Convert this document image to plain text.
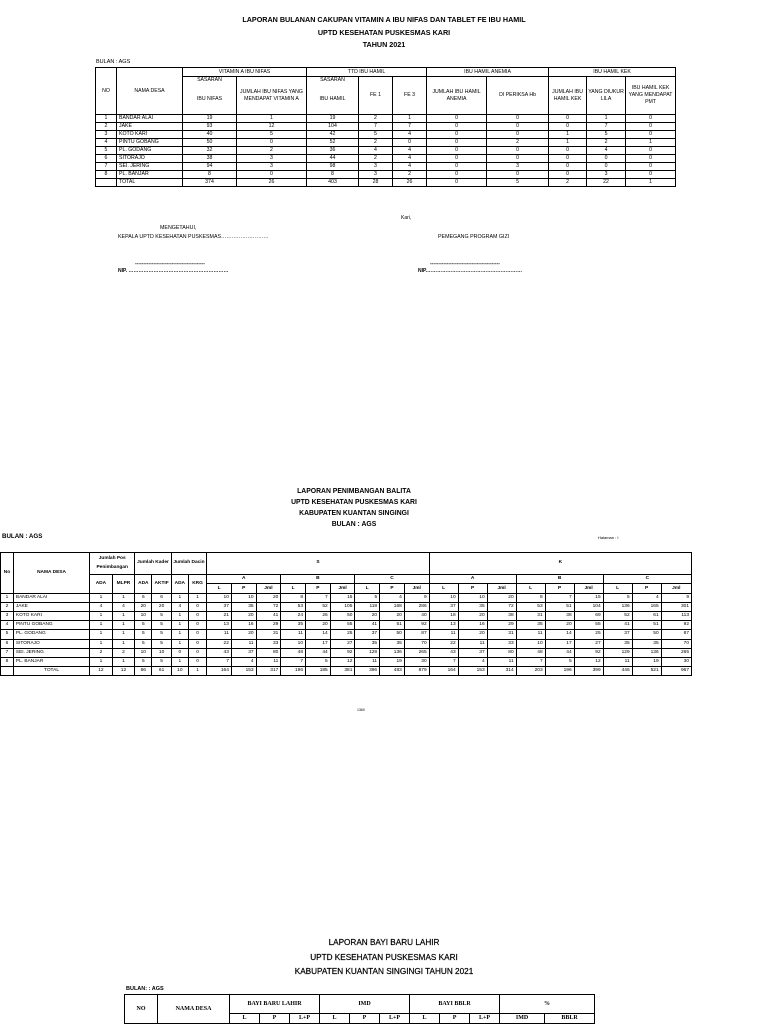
LAPORAN BULANAN CAKUPAN VITAMIN A IBU NIFAS DAN TABLET FE IBU HAMIL
UPTD KESEHATAN PUSKESMAS KARI
TAHUN 2021
BULAN : AGS
NO	NAMA DESA	VITAMIN A IBU NIFAS		TTD IBU HAMIL			IBU HAMIL ANEMIA		IBU HAMIL KEK		
		SASARAN	JUMLAH IBU NIFAS YANG MENDAPAT VITAMIN A	SASARAN	FE 1	FE 3	JUMLAH IBU HAMIL ANEMIA	DI PERIKSA Hb	JUMLAH IBU HAMIL KEK	YANG DIUKUR LILA	IBU HAMIL KEK YANG MENDAPAT PMT
		IBU NIFAS		IBU HAMIL							
1	BANDAR ALAI	19	1	19	2	1	0	0	0	1	0
2	JAKE	93	12	104	7	7	0	0	0	7	0
3	KOTO KARI	40	5	42	5	4	0	0	1	5	0
4	PINTU GOBANG	50	0	52	2	0	0	2	1	2	1
5	PL. GODANG	32	2	36	4	4	0	0	0	4	0
6	SITORAJO	38	3	44	2	4	0	0	0	0	0
7	SEI. JERING	94	3	98	3	4	0	3	0	0	0
8	PL. BANJAR	8	0	8	3	2	0	0	0	3	0
	TOTAL	374	26	403	28	26	0	5	2	22	1
Kari,
MENGETAHUI,
KEPALA UPTD KESEHATAN PUSKESMAS………………………	PEMEGANG PROGRAM GIZI
------------------------------------------	------------------------------------------
NIP. ……………………………………………………	NIP.…………………………………………………
LAPORAN PENIMBANGAN BALITA
UPTD KESEHATAN PUSKESMAS KARI
KABUPATEN KUANTAN SINGINGI
BULAN : AGS
BULAN : AGS	Halaman : I
No	NAMA DESA	Jumlah Pos Penimbangan		Jumlah Kader		Jumlah Dacin		S									K								
		ADA	MLPR	ADA	AKTIF	ADA	KRG	A			B			C			A			B			C		
								L	P	Jml	L	P	Jml	L	P	Jml	L	P	Jml	L	P	Jml	L	P	Jml
1	BANDAR ALAI	1	1	6	6	1	1	10	10	20	8	7	15	5	4	9	10	10	20	8	7	15	5	4	9
2	JAKE	4	4	20	20	4	0	37	35	72	53	52	105	118	168	286	37	35	72	53	51	104	136	165	301
3	KOTO KARI	1	1	10	5	1	0	21	20	41	24	26	50	20	20	40	18	20	38	31	38	69	52	61	113
4	PINTU GOBANG	1	1	5	5	1	0	13	16	29	35	20	55	41	51	92	13	16	29	35	20	55	41	51	92
5	PL. GODANG	1	1	5	5	1	0	11	20	31	11	14	25	37	50	87	11	20	31	11	14	25	37	50	87
6	SITORAJO	1	1	5	5	1	0	22	11	33	10	17	27	35	35	70	22	11	33	10	17	27	35	35	70
7	SEI. JERING	2	2	10	10	0	0	43	37	80	48	44	92	129	136	265	43	37	80	48	44	92	129	136	265
8	PL. BANJAR	1	1	5	5	1	0	7	4	11	7	5	12	11	19	30	7	4	11	7	5	12	11	19	30
	TOTAL	12	12	66	61	10	1	164	153	317	196	185	381	396	483	879	164	153	314	203	196	399	446	521	967
1360
LAPORAN BAYI BARU LAHIR
UPTD KESEHATAN PUSKESMAS KARI
KABUPATEN KUANTAN SINGINGI TAHUN 2021
BULAN: : AGS
NO	NAMA DESA	BAYI BARU LAHIR			IMD			BAYI BBLR			%	
		L	P	L+P	L	P	L+P	L	P	L+P	IMD	BBLR
